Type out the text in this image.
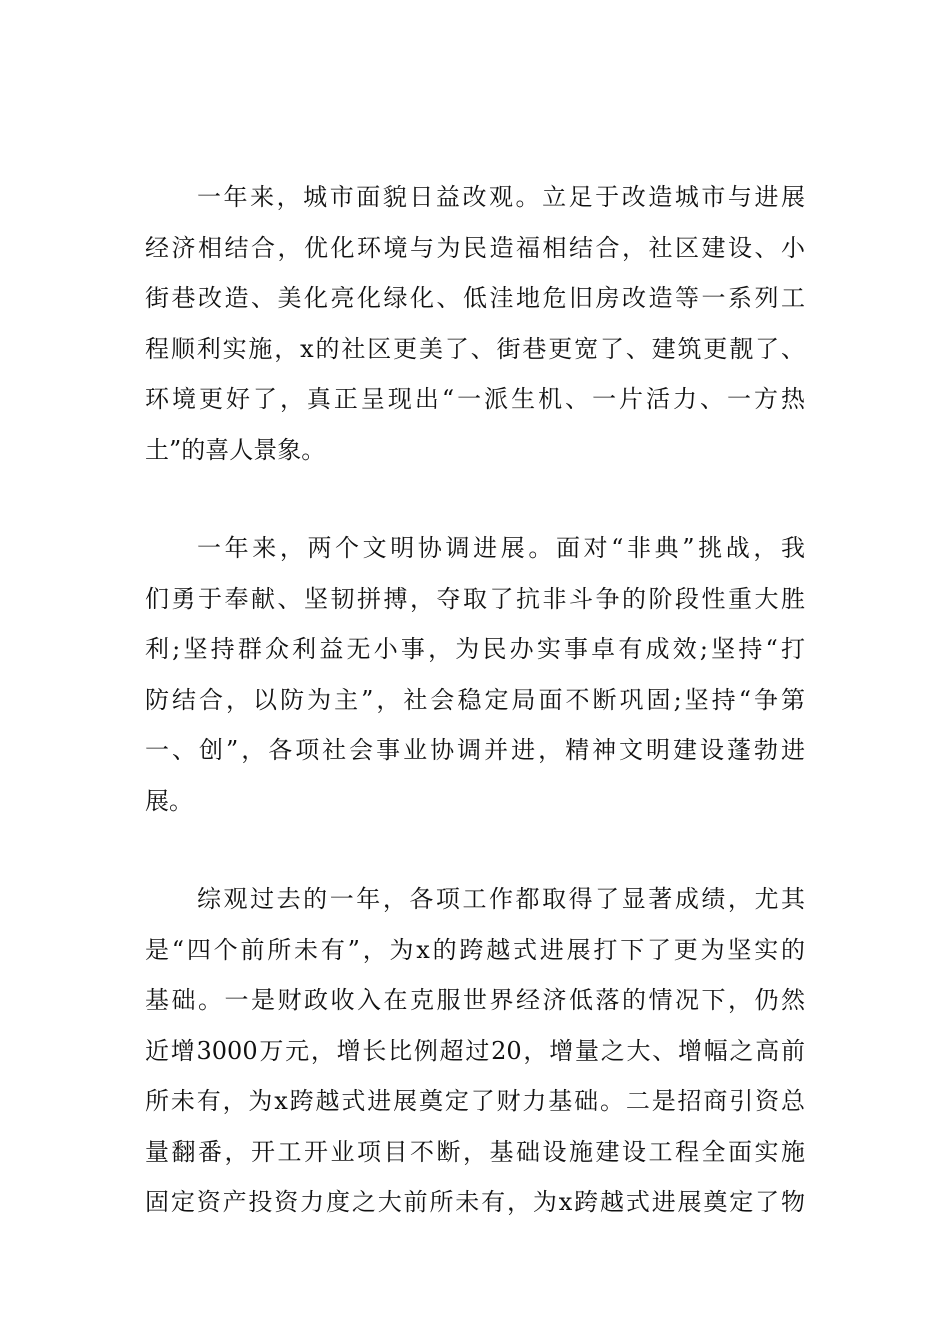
一年来，城市面貌日益改观。立足于改造城市与进展
经济相结合，优化环境与为民造福相结合，社区建设、小
街巷改造、美化亮化绿化、低洼地危旧房改造等一系列工
程顺利实施，x的社区更美了、街巷更宽了、建筑更靓了、
环境更好了，真正呈现出“一派生机、一片活力、一方热
土”的喜人景象。
一年来，两个文明协调进展。面对“非典”挑战，我
们勇于奉献、坚韧拼搏，夺取了抗非斗争的阶段性重大胜
利;坚持群众利益无小事，为民办实事卓有成效;坚持“打
防结合，以防为主”，社会稳定局面不断巩固;坚持“争第
一、创”，各项社会事业协调并进，精神文明建设蓬勃进
展。
综观过去的一年，各项工作都取得了显著成绩，尤其
是“四个前所未有”，为x的跨越式进展打下了更为坚实的
基础。一是财政收入在克服世界经济低落的情况下，仍然
近增3000万元，增长比例超过20，增量之大、增幅之高前
所未有，为x跨越式进展奠定了财力基础。二是招商引资总
量翻番，开工开业项目不断，基础设施建设工程全面实施
固定资产投资力度之大前所未有，为x跨越式进展奠定了物
